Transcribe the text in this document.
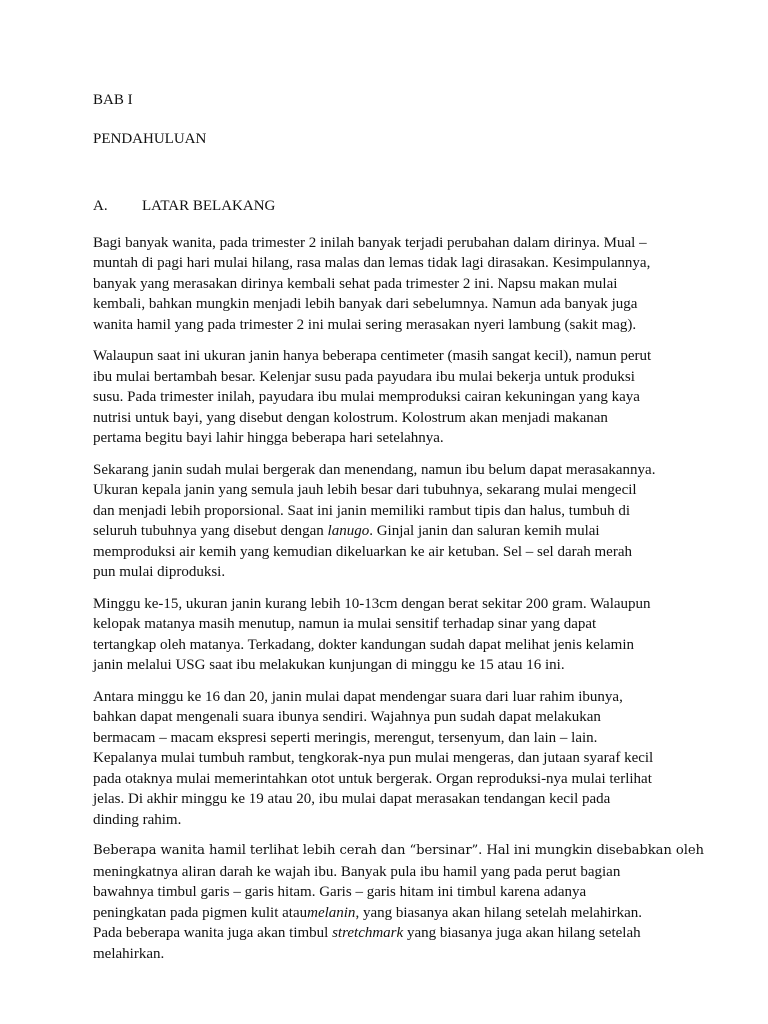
BAB I
PENDAHULUAN
A. LATAR BELAKANG
Bagi banyak wanita, pada trimester 2 inilah banyak terjadi perubahan dalam dirinya. Mual –
muntah di pagi hari mulai hilang, rasa malas dan lemas tidak lagi dirasakan. Kesimpulannya,
banyak yang merasakan dirinya kembali sehat pada trimester 2 ini. Napsu makan mulai
kembali, bahkan mungkin menjadi lebih banyak dari sebelumnya. Namun ada banyak juga
wanita hamil yang pada trimester 2 ini mulai sering merasakan nyeri lambung (sakit mag).
Walaupun saat ini ukuran janin hanya beberapa centimeter (masih sangat kecil), namun perut
ibu mulai bertambah besar. Kelenjar susu pada payudara ibu mulai bekerja untuk produksi
susu. Pada trimester inilah, payudara ibu mulai memproduksi cairan kekuningan yang kaya
nutrisi untuk bayi, yang disebut dengan kolostrum. Kolostrum akan menjadi makanan
pertama begitu bayi lahir hingga beberapa hari setelahnya.
Sekarang janin sudah mulai bergerak dan menendang, namun ibu belum dapat merasakannya.
Ukuran kepala janin yang semula jauh lebih besar dari tubuhnya, sekarang mulai mengecil
dan menjadi lebih proporsional. Saat ini janin memiliki rambut tipis dan halus, tumbuh di
seluruh tubuhnya yang disebut dengan lanugo. Ginjal janin dan saluran kemih mulai
memproduksi air kemih yang kemudian dikeluarkan ke air ketuban. Sel – sel darah merah
pun mulai diproduksi.
Minggu ke-15, ukuran janin kurang lebih 10-13cm dengan berat sekitar 200 gram. Walaupun
kelopak matanya masih menutup, namun ia mulai sensitif terhadap sinar yang dapat
tertangkap oleh matanya. Terkadang, dokter kandungan sudah dapat melihat jenis kelamin
janin melalui USG saat ibu melakukan kunjungan di minggu ke 15 atau 16 ini.
Antara minggu ke 16 dan 20, janin mulai dapat mendengar suara dari luar rahim ibunya,
bahkan dapat mengenali suara ibunya sendiri. Wajahnya pun sudah dapat melakukan
bermacam – macam ekspresi seperti meringis, merengut, tersenyum, dan lain – lain.
Kepalanya mulai tumbuh rambut, tengkorak-nya pun mulai mengeras, dan jutaan syaraf kecil
pada otaknya mulai memerintahkan otot untuk bergerak. Organ reproduksi-nya mulai terlihat
jelas. Di akhir minggu ke 19 atau 20, ibu mulai dapat merasakan tendangan kecil pada
dinding rahim.
Beberapa wanita hamil terlihat lebih cerah dan “bersinar”. Hal ini mungkin disebabkan oleh
meningkatnya aliran darah ke wajah ibu. Banyak pula ibu hamil yang pada perut bagian
bawahnya timbul garis – garis hitam. Garis – garis hitam ini timbul karena adanya
peningkatan pada pigmen kulit ataumelanin, yang biasanya akan hilang setelah melahirkan.
Pada beberapa wanita juga akan timbul stretchmark yang biasanya juga akan hilang setelah
melahirkan.
